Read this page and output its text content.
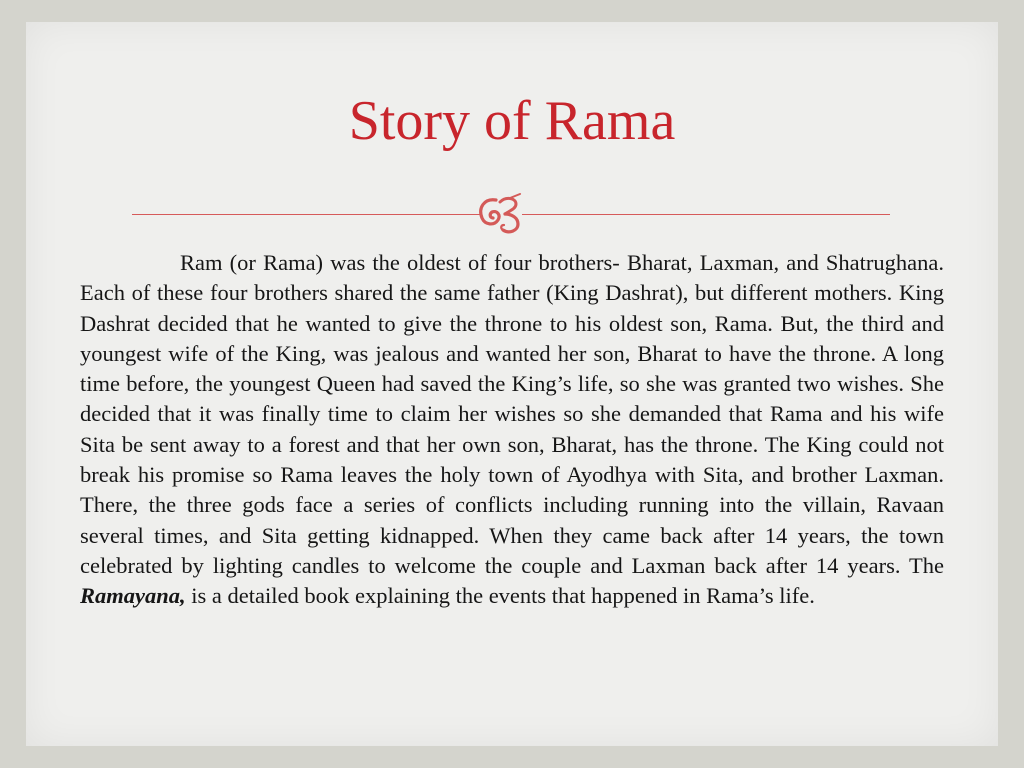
Story of Rama

Ram (or Rama) was the oldest of four brothers- Bharat, Laxman, and Shatrughana. Each of these four brothers shared the same father (King Dashrat), but different mothers. King Dashrat decided that he wanted to give the throne to his oldest son, Rama. But, the third and youngest wife of the King, was jealous and wanted her son, Bharat to have the throne. A long time before, the youngest Queen had saved the King’s life, so she was granted two wishes. She decided that it was finally time to claim her wishes so she demanded that Rama and his wife Sita be sent away to a forest and that her own son, Bharat, has the throne. The King could not break his promise so Rama leaves the holy town of Ayodhya with Sita, and brother Laxman. There, the three gods face a series of conflicts including running into the villain, Ravaan several times, and Sita getting kidnapped. When they came back after 14 years, the town celebrated by lighting candles to welcome the couple and Laxman back after 14 years. The Ramayana, is a detailed book explaining the events that happened in Rama’s life.
